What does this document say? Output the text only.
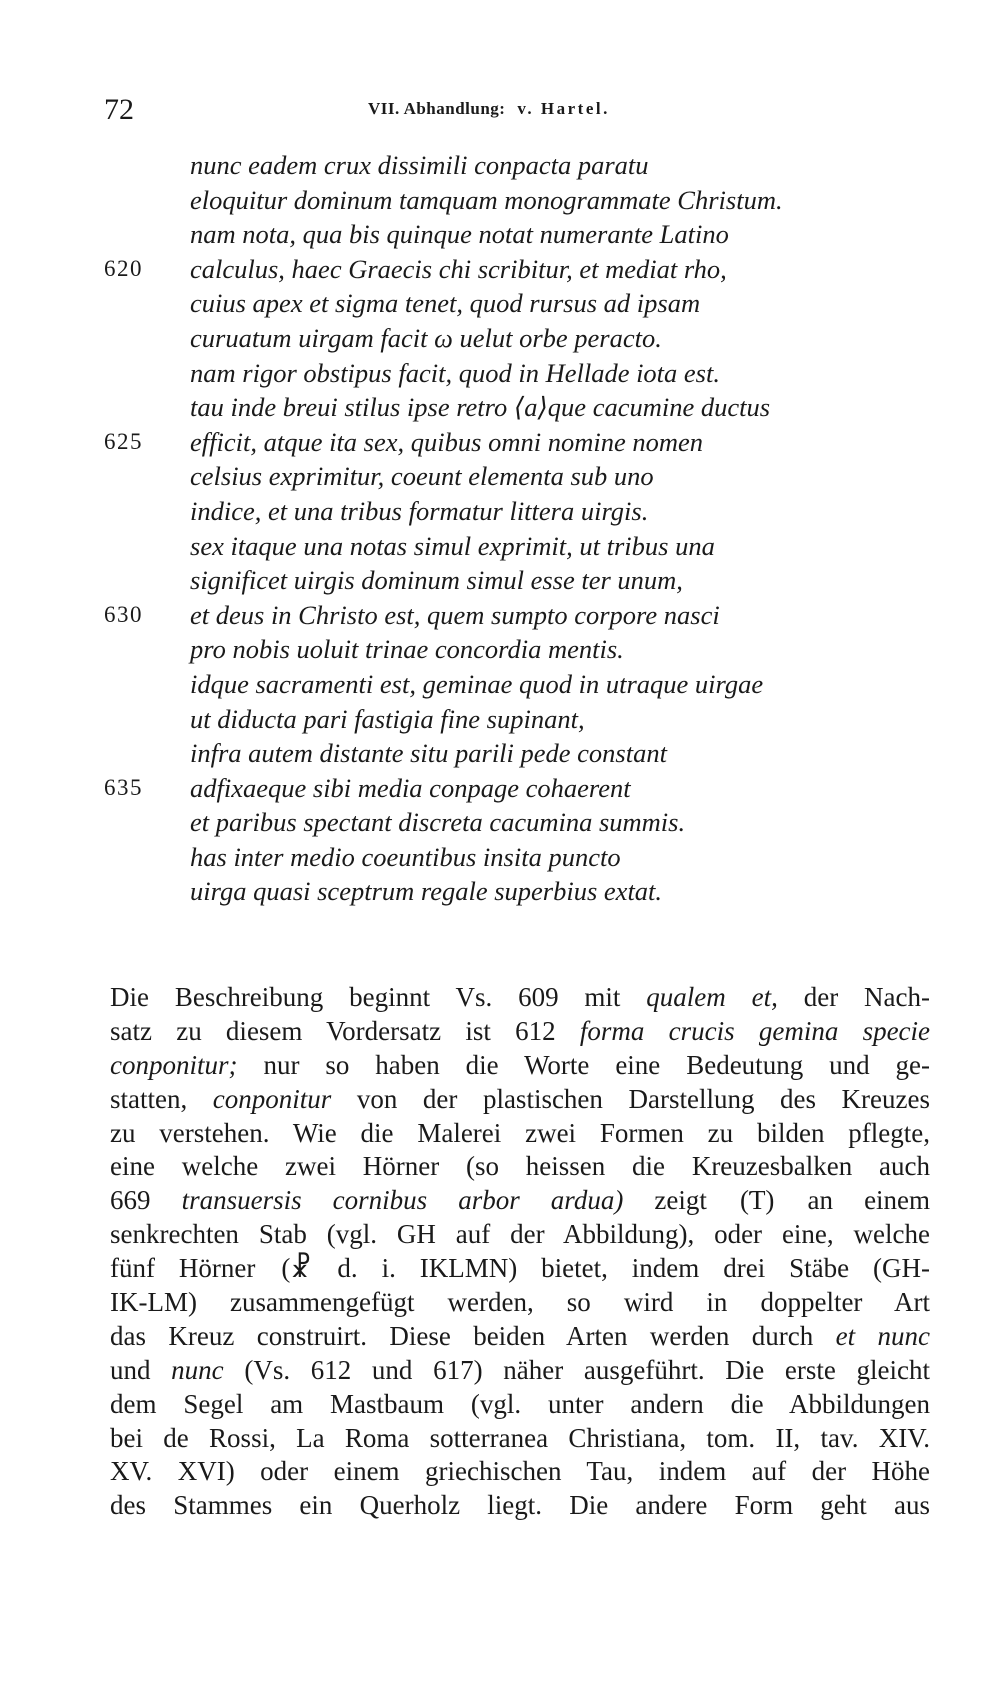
72	VII. Abhandlung: v. Hartel.
nunc eadem crux dissimili conpacta paratu
eloquitur dominum tamquam monogrammate Christum.
nam nota, qua bis quinque notat numerante Latino
620 calculus, haec Graecis chi scribitur, et mediat rho,
cuius apex et sigma tenet, quod rursus ad ipsam
curuatum uirgam facit ω uelut orbe peracto.
nam rigor obstipus facit, quod in Hellade iota est.
tau inde breui stilus ipse retro ⟨a⟩que cacumine ductus
625 efficit, atque ita sex, quibus omni nomine nomen
celsius exprimitur, coeunt elementa sub uno
indice, et una tribus formatur littera uirgis.
sex itaque una notas simul exprimit, ut tribus una
significet uirgis dominum simul esse ter unum,
630 et deus in Christo est, quem sumpto corpore nasci
pro nobis uoluit trinae concordia mentis.
idque sacramenti est, geminae quod in utraque uirgae
ut diducta pari fastigia fine supinant,
infra autem distante situ parili pede constant
635 adfixaeque sibi media conpage cohaerent
et paribus spectant discreta cacumina summis.
has inter medio coeuntibus insita puncto
uirga quasi sceptrum regale superbius extat.
Die Beschreibung beginnt Vs. 609 mit qualem et, der Nach-
satz zu diesem Vordersatz ist 612 forma crucis gemina specie
conponitur; nur so haben die Worte eine Bedeutung und ge-
statten, conponitur von der plastischen Darstellung des Kreuzes
zu verstehen. Wie die Malerei zwei Formen zu bilden pflegte,
eine welche zwei Hörner (so heissen die Kreuzesbalken auch
669 transuersis cornibus arbor ardua) zeigt (Ƭ) an einem
senkrechten Stab (vgl. GH auf der Abbildung), oder eine, welche
fünf Hörner (☧ d. i. IKLMN) bietet, indem drei Stäbe (GH-
IK-LM) zusammengefügt werden, so wird in doppelter Art
das Kreuz construirt. Diese beiden Arten werden durch et nunc
und nunc (Vs. 612 und 617) näher ausgeführt. Die erste gleicht
dem Segel am Mastbaum (vgl. unter andern die Abbildungen
bei de Rossi, La Roma sotterranea Christiana, tom. II, tav. XIV.
XV. XVI) oder einem griechischen Tau, indem auf der Höhe
des Stammes ein Querholz liegt. Die andere Form geht aus
